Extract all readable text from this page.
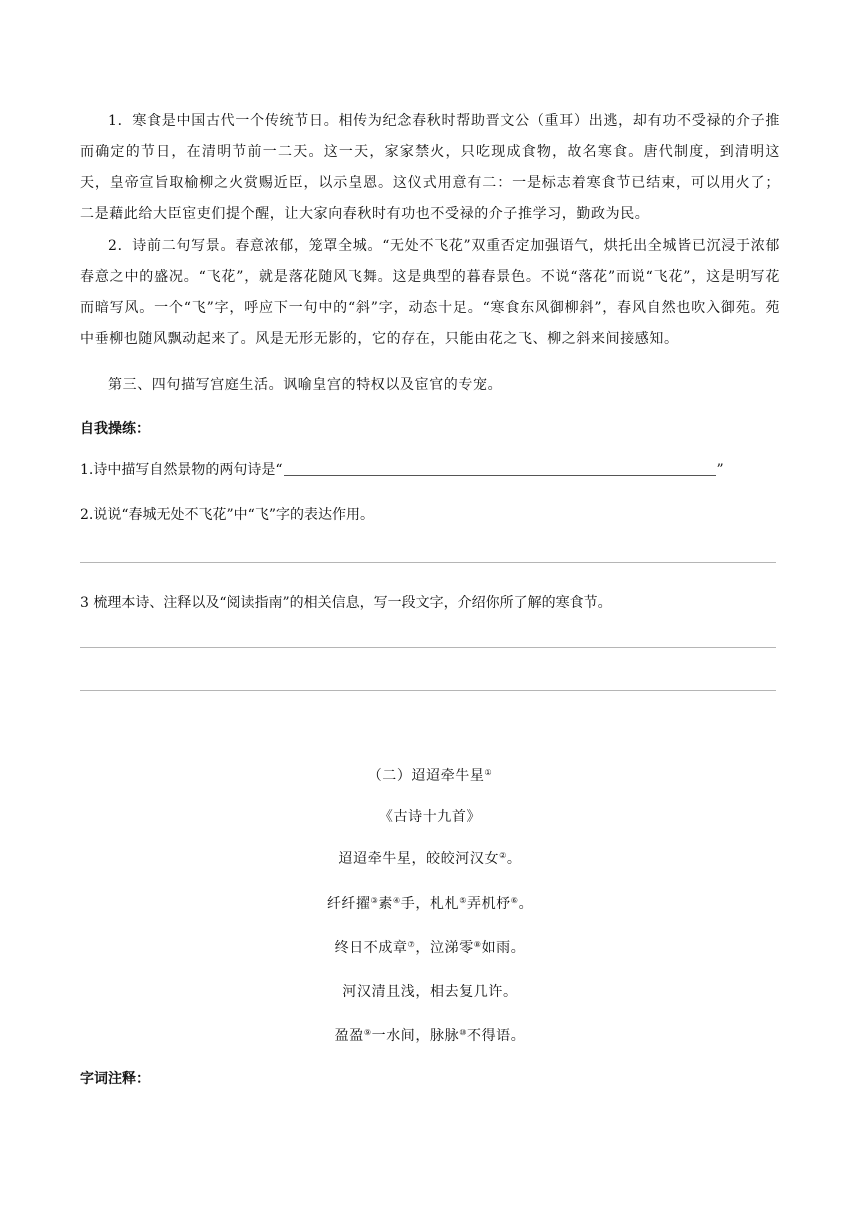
1．寒食是中国古代一个传统节日。相传为纪念春秋时帮助晋文公（重耳）出逃，却有功不受禄的介子推而确定的节日，在清明节前一二天。这一天，家家禁火，只吃现成食物，故名寒食。唐代制度，到清明这天，皇帝宣旨取榆柳之火赏赐近臣，以示皇恩。这仪式用意有二：一是标志着寒食节已结束，可以用火了；二是藉此给大臣宦吏们提个醒，让大家向春秋时有功也不受禄的介子推学习，勤政为民。

2．诗前二句写景。春意浓郁，笼罩全城。“无处不飞花”双重否定加强语气，烘托出全城皆已沉浸于浓郁春意之中的盛况。“飞花”，就是落花随风飞舞。这是典型的暮春景色。不说“落花”而说“飞花”，这是明写花而暗写风。一个“飞”字，呼应下一句中的“斜”字，动态十足。“寒食东风御柳斜”，春风自然也吹入御苑。苑中垂柳也随风飘动起来了。风是无形无影的，它的存在，只能由花之飞、柳之斜来间接感知。

第三、四句描写宫庭生活。讽喻皇宫的特权以及宦官的专宠。

自我操练：

1.诗中描写自然景物的两句诗是“	”

2.说说“春城无处不飞花”中“飞”字的表达作用。

3 梳理本诗、注释以及“阅读指南”的相关信息，写一段文字，介绍你所了解的寒食节。

（二）迢迢牵牛星①

《古诗十九首》

迢迢牵牛星，皎皎河汉女②。

纤纤擢③素④手，札札⑤弄机杼⑥。

终日不成章⑦，泣涕零⑧如雨。

河汉清且浅，相去复几许。

盈盈⑨一水间，脉脉⑩不得语。

字词注释：
